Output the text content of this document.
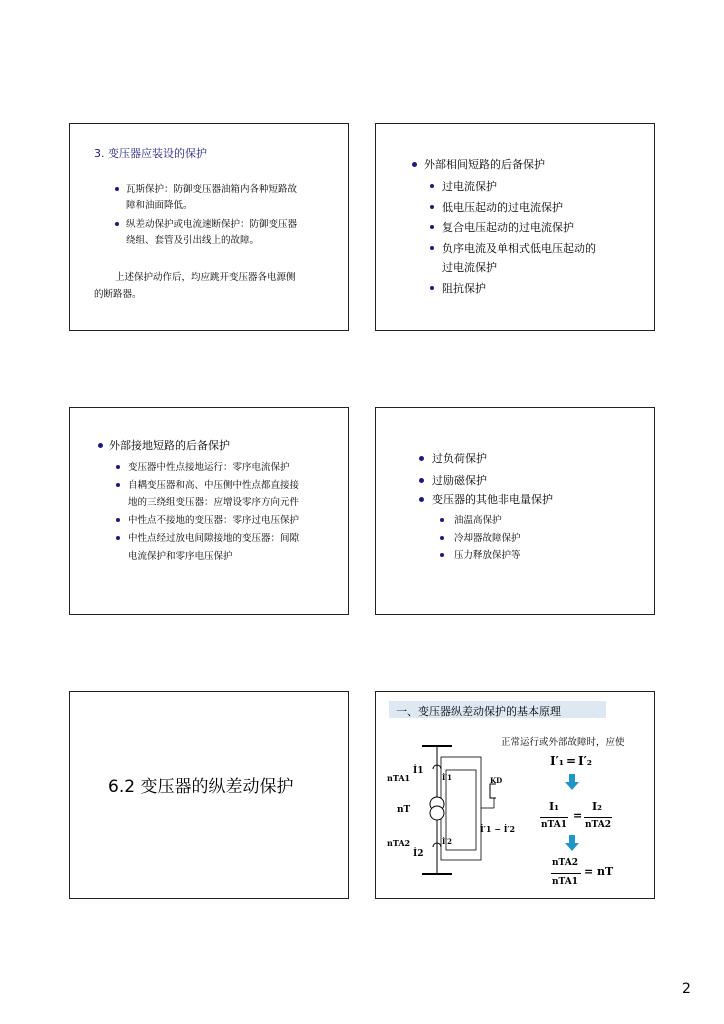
3. 变压器应装设的保护
瓦斯保护：防御变压器油箱内各种短路故
障和油面降低。
纵差动保护或电流速断保护：防御变压器
绕组、套管及引出线上的故障。
上述保护动作后，均应跳开变压器各电源侧
的断路器。
外部相间短路的后备保护
过电流保护
低电压起动的过电流保护
复合电压起动的过电流保护
负序电流及单相式低电压起动的
过电流保护
阻抗保护
外部接地短路的后备保护
变压器中性点接地运行：零序电流保护
自耦变压器和高、中压侧中性点都直接接
地的三绕组变压器：应增设零序方向元件
中性点不接地的变压器：零序过电压保护
中性点经过放电间隙接地的变压器：间隙
电流保护和零序电压保护
过负荷保护
过励磁保护
变压器的其他非电量保护
油温高保护
冷却器故障保护
压力释放保护等
6.2 变压器的纵差动保护
一、变压器纵差动保护的基本原理
正常运行或外部故障时，应使
İ1
İ′1
nTA1	KD
nT
İ′1 − İ′2
nTA2	İ′2
İ2
I′₁ = I′₂
I₁
nTA1
=
I₂
nTA2
nTA2
nTA1
= nT
2
